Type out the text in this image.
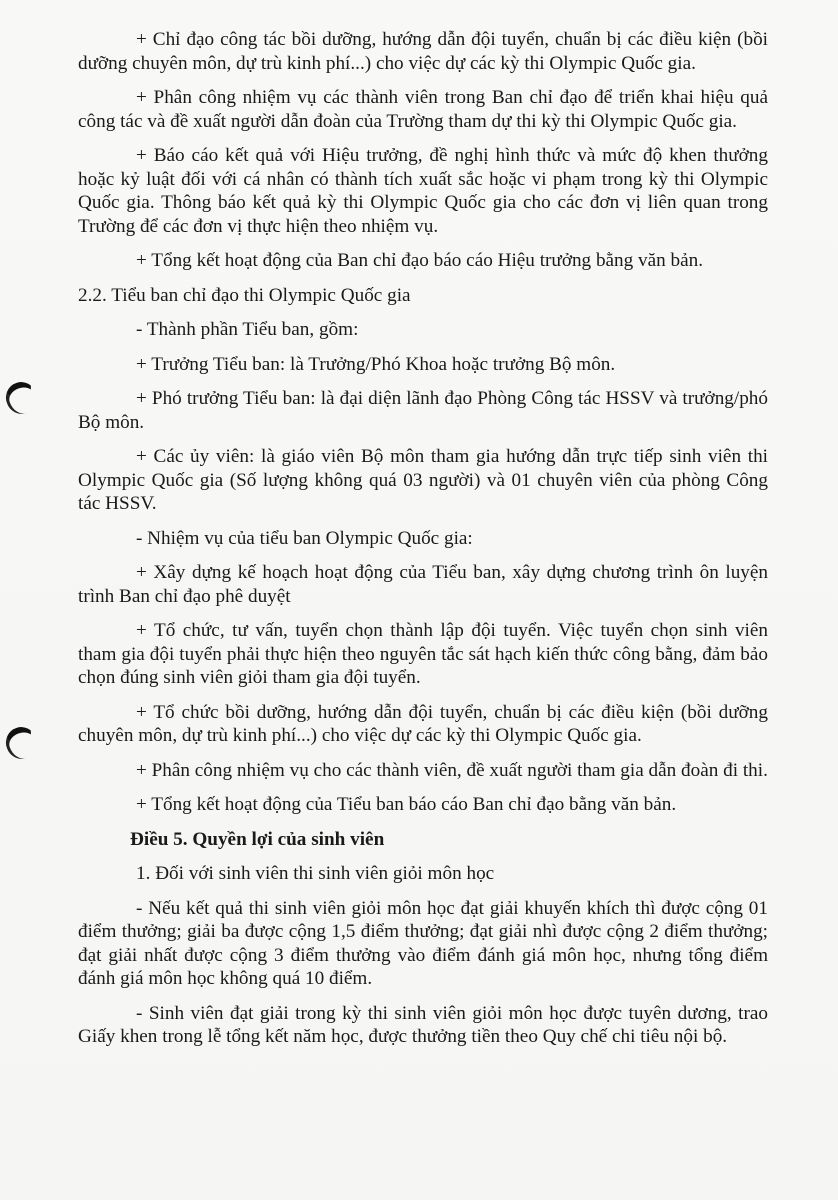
+ Chỉ đạo công tác bồi dưỡng, hướng dẫn đội tuyển, chuẩn bị các điều kiện (bồi dưỡng chuyên môn, dự trù kinh phí...) cho việc dự các kỳ thi Olympic Quốc gia.

+ Phân công nhiệm vụ các thành viên trong Ban chỉ đạo để triển khai hiệu quả công tác và đề xuất người dẫn đoàn của Trường tham dự thi kỳ thi Olympic Quốc gia.

+ Báo cáo kết quả với Hiệu trưởng, đề nghị hình thức và mức độ khen thưởng hoặc kỷ luật đối với cá nhân có thành tích xuất sắc hoặc vi phạm trong kỳ thi Olympic Quốc gia. Thông báo kết quả kỳ thi Olympic Quốc gia cho các đơn vị liên quan trong Trường để các đơn vị thực hiện theo nhiệm vụ.

+ Tổng kết hoạt động của Ban chỉ đạo báo cáo Hiệu trưởng bằng văn bản.

2.2. Tiểu ban chỉ đạo thi Olympic Quốc gia

- Thành phần Tiểu ban, gồm:

+ Trưởng Tiểu ban: là Trưởng/Phó Khoa hoặc trưởng Bộ môn.

+ Phó trưởng Tiểu ban: là đại diện lãnh đạo Phòng Công tác HSSV và trưởng/phó Bộ môn.

+ Các ủy viên: là giáo viên Bộ môn tham gia hướng dẫn trực tiếp sinh viên thi Olympic Quốc gia (Số lượng không quá 03 người) và 01 chuyên viên của phòng Công tác HSSV.

- Nhiệm vụ của tiểu ban Olympic Quốc gia:

+ Xây dựng kế hoạch hoạt động của Tiểu ban, xây dựng chương trình ôn luyện trình Ban chỉ đạo phê duyệt

+ Tổ chức, tư vấn, tuyển chọn thành lập đội tuyển. Việc tuyển chọn sinh viên tham gia đội tuyển phải thực hiện theo nguyên tắc sát hạch kiến thức công bằng, đảm bảo chọn đúng sinh viên giỏi tham gia đội tuyển.

+ Tổ chức bồi dưỡng, hướng dẫn đội tuyển, chuẩn bị các điều kiện (bồi dưỡng chuyên môn, dự trù kinh phí...) cho việc dự các kỳ thi Olympic Quốc gia.

+ Phân công nhiệm vụ cho các thành viên, đề xuất người tham gia dẫn đoàn đi thi.

+ Tổng kết hoạt động của Tiểu ban báo cáo Ban chỉ đạo bằng văn bản.

Điều 5. Quyền lợi của sinh viên

1. Đối với sinh viên thi sinh viên giỏi môn học

- Nếu kết quả thi sinh viên giỏi môn học đạt giải khuyến khích thì được cộng 01 điểm thưởng; giải ba được cộng 1,5 điểm thưởng; đạt giải nhì được cộng 2 điểm thưởng; đạt giải nhất được cộng 3 điểm thưởng vào điểm đánh giá môn học, nhưng tổng điểm đánh giá môn học không quá 10 điểm.

- Sinh viên đạt giải trong kỳ thi sinh viên giỏi môn học được tuyên dương, trao Giấy khen trong lễ tổng kết năm học, được thưởng tiền theo Quy chế chi tiêu nội bộ.
